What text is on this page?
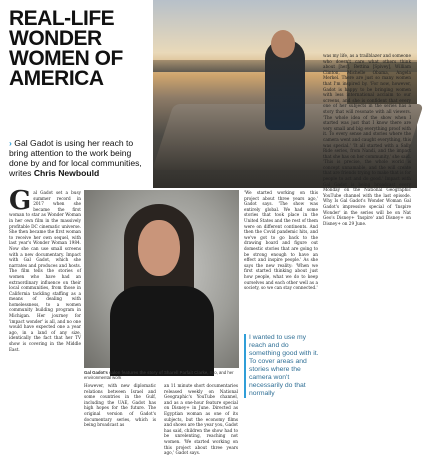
REAL-LIFE WONDER WOMEN OF AMERICA
› Gal Gadot is using her reach to bring attention to the work being done by and for local communities, writes Chris Newbould
G al Gadot set a busy summer record in 2017 when she became the first woman to star as Wonder Woman in her own film in the massively profitable DC cinematic universe. She then became the first woman to receive her own sequel, with last year's Wonder Woman 1984. Now she can use small screens with a new documentary. Impact with Gal Gadot, which she narrates and produces and hosts. The film tells the stories of women who have had an extraordinary influence on their local communities, from those in California tackling staffing as a means of dealing with homelessness, to a women community building program in Michigan. Her journey for 'impact wonder' is all, and no one would have expected one a year ago, in a land of any size, identically the fact that her TV show is covering in the Middle East.
Gal Gadot's salon features the story of Sharell Parfait Clarke, 8yo, and her environmental work
'We started working on this project about three years ago,' Gadot says. 'The show was entirely global. We had some stories that took place in the United States and the rest of them were on different continents. And then the Covid pandemic hits, and we've got to go back to the drawing board and figure out domestic stories that are going to be strong enough to have an effect and inspire people.' As she says the new reality: 'When we first started thinking about just how people, what we do to keep ourselves and each other well as a society, so we can stay connected.'
However, with new diplomatic relations between Israel and some countries in the Gulf, including the UAE, Gadot has high hopes for the future. The original version of Gadot's documentary series, which is being broadcast as
an 11 minute short documentaries released weekly on National Geographic's YouTube channel, and as a one-hour feature special on Disney+ in June. Directed as Egyptian woman as one of its subjects, but the economy films and shows are the year you, Gadot has said, children the show had to be unrelenting, reaching not women. 'We started working on this project about three years ago,' Gadot says.
I wanted to use my reach and do something good with it. To cover areas and stories where the camera won't necessarily do that normally
was my life, as a trailblazer and someone who doesn't care what others think about [her]. Bettina [Spivey], William Clinton, Michelle Obama, Angela Merkel. There are just so many women that I'm inspired by. 'For now, however, Gadot is happy to be bringing women with less international acclaim to our screens, and she is confident that every one of her subjects in the series has a story that will resonate with all viewers. 'The whole idea of the show when I started was just that I know there are very small and big everything proof with it. To every sense and stories where the camera went and caught everything, this was special.' 'It all started with a Sally Ride series, from Nandi, and the impact that she has on her community,' she said. 'This is precise, the whole world is concept unnamable, and the will create that are friends trying to make that is for people to act and do good.' Impact with Gal Gadot is being broadcast every Monday on the National Geographic YouTube channel with the last episode. Why Is Gal Gadot's Wonder Woman Gal Gadot's impressive special of 'Inspire Wonder' in the series will be on Nat Geo's Disney+ 'Inspire' and Disney+ on Disney+ on 29 June.
